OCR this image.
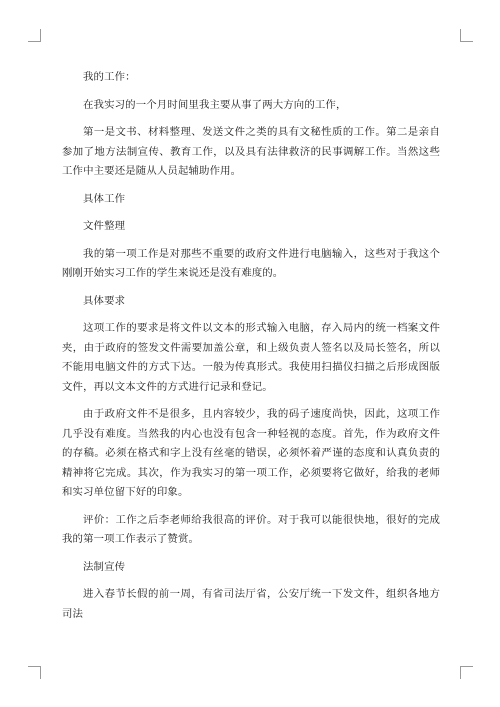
我的工作：

在我实习的一个月时间里我主要从事了两大方向的工作，

第一是文书、材料整理、发送文件之类的具有文秘性质的工作。第二是亲自参加了地方法制宣传、教育工作，以及具有法律救济的民事调解工作。当然这些工作中主要还是随从人员起辅助作用。

具体工作

文件整理

我的第一项工作是对那些不重要的政府文件进行电脑输入，这些对于我这个刚刚开始实习工作的学生来说还是没有难度的。

具体要求

这项工作的要求是将文件以文本的形式输入电脑，存入局内的统一档案文件夹，由于政府的签发文件需要加盖公章，和上级负责人签名以及局长签名，所以不能用电脑文件的方式下达。一般为传真形式。我使用扫描仪扫描之后形成图版文件，再以文本文件的方式进行记录和登记。

由于政府文件不是很多，且内容较少，我的码子速度尚快，因此，这项工作几乎没有难度。当然我的内心也没有包含一种轻视的态度。首先，作为政府文件的存稿。必须在格式和字上没有丝毫的错误，必须怀着严谨的态度和认真负责的精神将它完成。其次，作为我实习的第一项工作，必须要将它做好，给我的老师和实习单位留下好的印象。

评价：工作之后李老师给我很高的评价。对于我可以能很快地，很好的完成我的第一项工作表示了赞赏。

法制宣传

进入春节长假的前一周，有省司法厅省，公安厅统一下发文件，组织各地方司法
